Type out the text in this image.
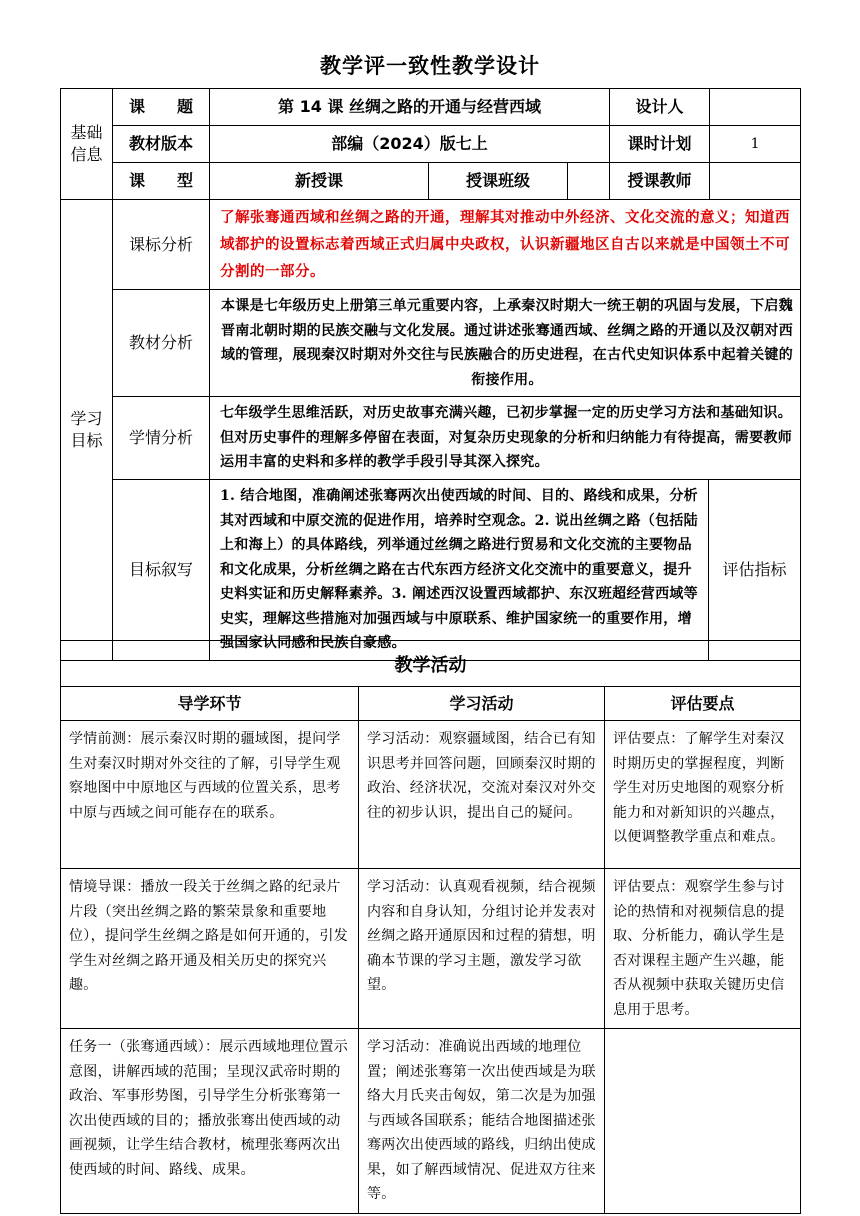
教学评一致性教学设计
基础
信息	课　　题	第 14 课 丝绸之路的开通与经营西域			设计人	
	教材版本	部编（2024）版七上			课时计划	1
	课　　型	新授课	授课班级		授课教师	
学习
目标	课标分析	了解张骞通西域和丝绸之路的开通，理解其对推动中外经济、文化交流的意义；知道西域都护的设置标志着西域正式归属中央政权，认识新疆地区自古以来就是中国领土不可分割的一部分。	
	教材分析	本课是七年级历史上册第三单元重要内容，上承秦汉时期大一统王朝的巩固与发展，下启魏晋南北朝时期的民族交融与文化发展。通过讲述张骞通西域、丝绸之路的开通以及汉朝对西域的管理，展现秦汉时期对外交往与民族融合的历史进程，在古代史知识体系中起着关键的衔接作用。	
	学情分析	七年级学生思维活跃，对历史故事充满兴趣，已初步掌握一定的历史学习方法和基础知识。但对历史事件的理解多停留在表面，对复杂历史现象的分析和归纳能力有待提高，需要教师运用丰富的史料和多样的教学手段引导其深入探究。	
	目标叙写	1. 结合地图，准确阐述张骞两次出使西域的时间、目的、路线和成果，分析其对西域和中原交流的促进作用，培养时空观念。2. 说出丝绸之路（包括陆上和海上）的具体路线，列举通过丝绸之路进行贸易和文化交流的主要物品和文化成果，分析丝绸之路在古代东西方经济文化交流中的重要意义，提升史料实证和历史解释素养。3. 阐述西汉设置西域都护、东汉班超经营西域等史实，理解这些措施对加强西域与中原联系、维护国家统一的重要作用，增强国家认同感和民族自豪感。	评估指标
教学活动		
导学环节	学习活动	评估要点
学情前测：展示秦汉时期的疆域图，提问学生对秦汉时期对外交往的了解，引导学生观察地图中中原地区与西域的位置关系，思考中原与西域之间可能存在的联系。	学习活动：观察疆域图，结合已有知识思考并回答问题，回顾秦汉时期的政治、经济状况，交流对秦汉对外交往的初步认识，提出自己的疑问。	评估要点：了解学生对秦汉时期历史的掌握程度，判断学生对历史地图的观察分析能力和对新知识的兴趣点，以便调整教学重点和难点。
情境导课：播放一段关于丝绸之路的纪录片片段（突出丝绸之路的繁荣景象和重要地位），提问学生丝绸之路是如何开通的，引发学生对丝绸之路开通及相关历史的探究兴趣。	学习活动：认真观看视频，结合视频内容和自身认知，分组讨论并发表对丝绸之路开通原因和过程的猜想，明确本节课的学习主题，激发学习欲望。	评估要点：观察学生参与讨论的热情和对视频信息的提取、分析能力，确认学生是否对课程主题产生兴趣，能否从视频中获取关键历史信息用于思考。
任务一（张骞通西域）：展示西域地理位置示意图，讲解西域的范围；呈现汉武帝时期的政治、军事形势图，引导学生分析张骞第一次出使西域的目的；播放张骞出使西域的动画视频，让学生结合教材，梳理张骞两次出使西域的时间、路线、成果。	学习活动：准确说出西域的地理位置；阐述张骞第一次出使西域是为联络大月氏夹击匈奴，第二次是为加强与西域各国联系；能结合地图描述张骞两次出使西域的路线，归纳出使成果，如了解西域情况、促进双方往来等。	
